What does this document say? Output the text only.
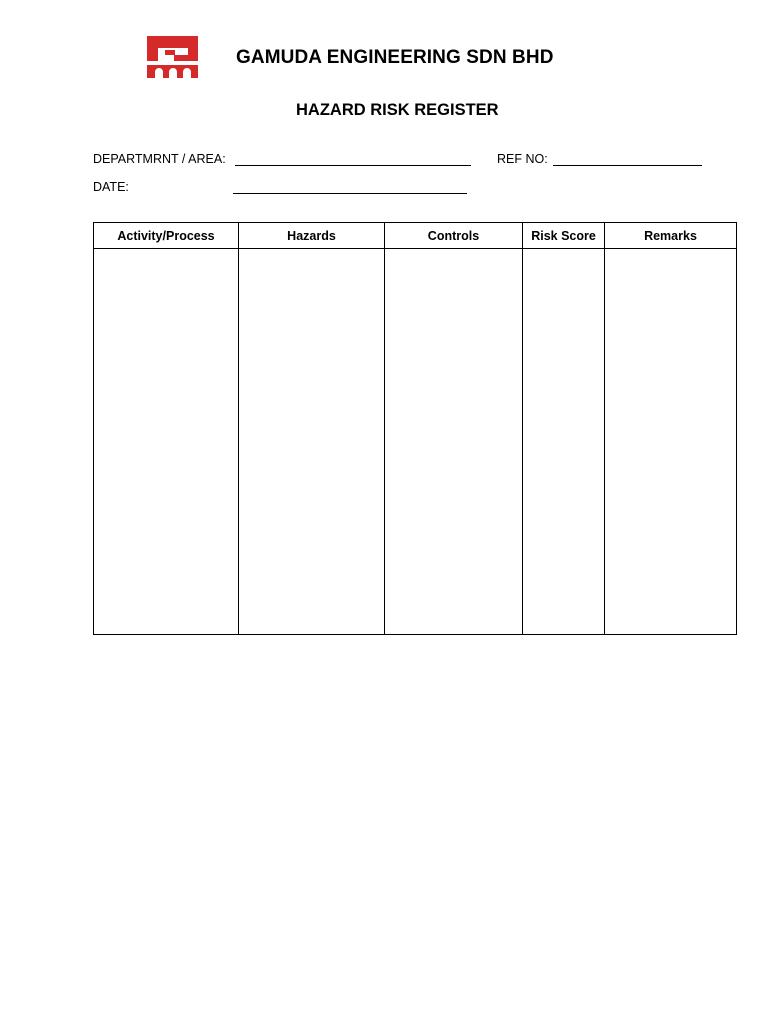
GAMUDA ENGINEERING SDN BHD
HAZARD RISK REGISTER
DEPARTMRNT / AREA:	REF NO:
DATE:
Activity/Process	Hazards	Controls	Risk Score	Remarks
